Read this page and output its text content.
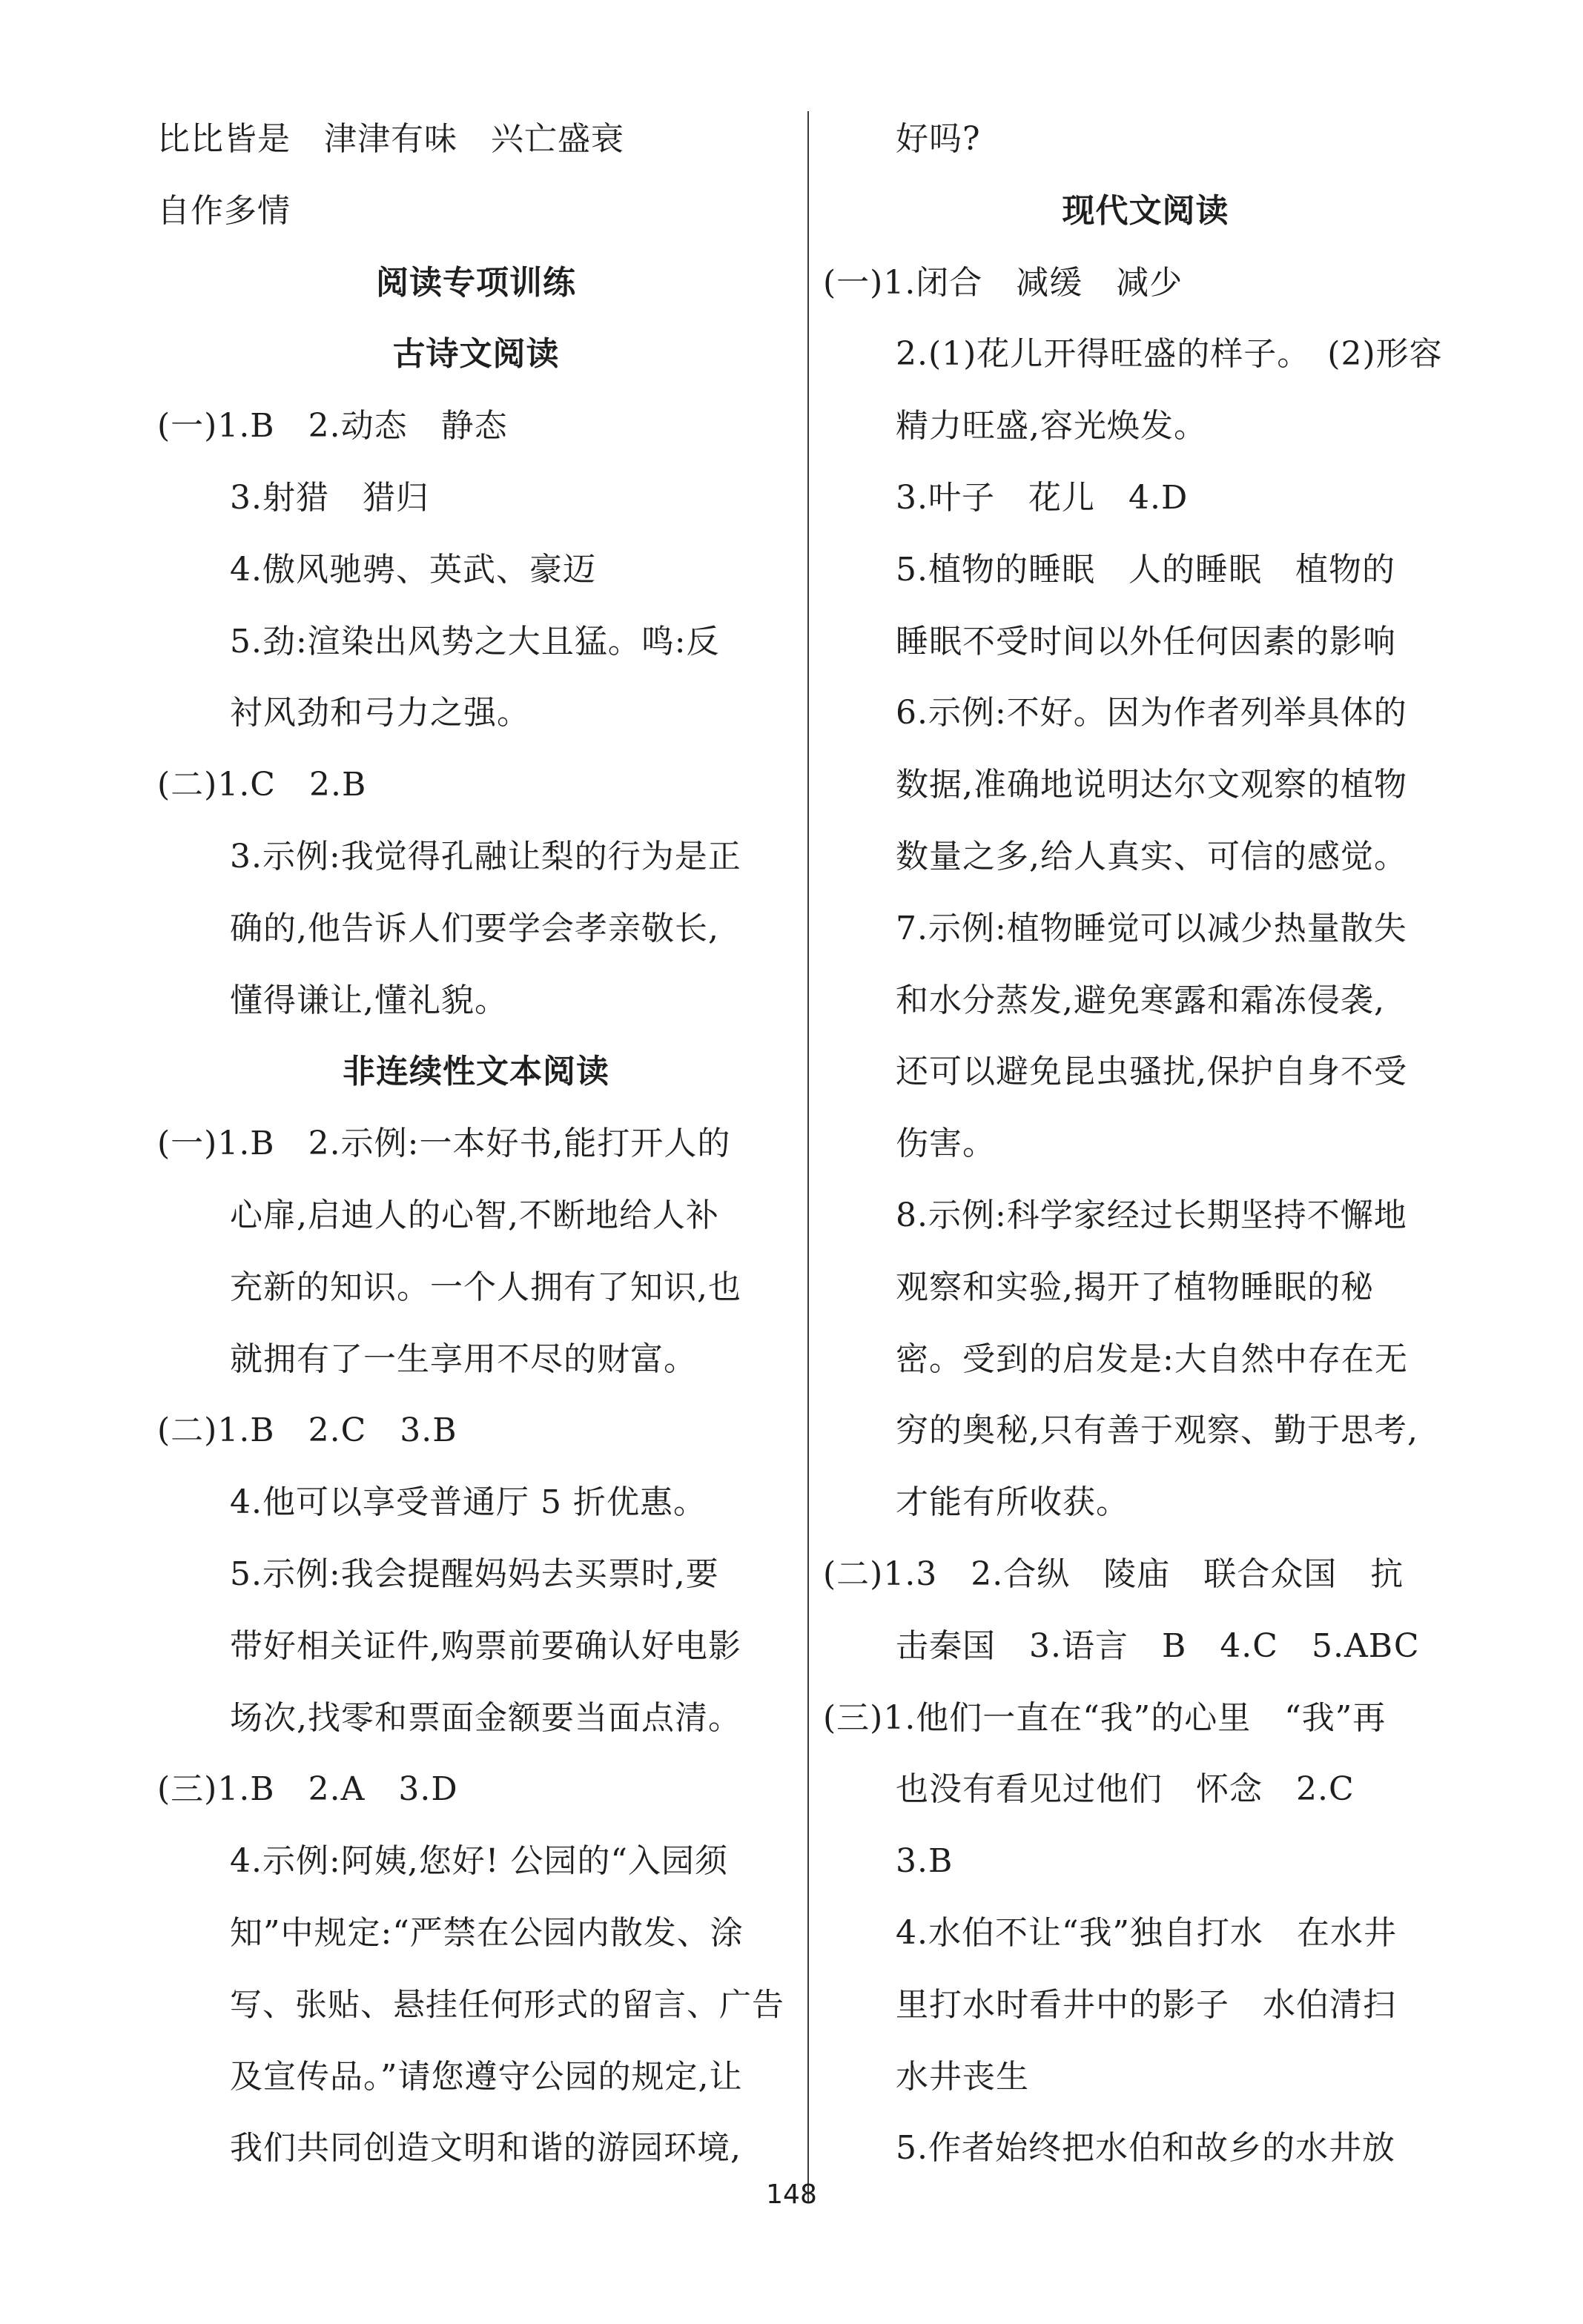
比比皆是　津津有味　兴亡盛衰
自作多情
阅读专项训练
古诗文阅读
(一)1.B　2.动态　静态
3.射猎　猎归
4.傲风驰骋、英武、豪迈
5.劲:渲染出风势之大且猛。鸣:反
衬风劲和弓力之强。
(二)1.C　2.B
3.示例:我觉得孔融让梨的行为是正
确的,他告诉人们要学会孝亲敬长,
懂得谦让,懂礼貌。
非连续性文本阅读
(一)1.B　2.示例:一本好书,能打开人的
心扉,启迪人的心智,不断地给人补
充新的知识。一个人拥有了知识,也
就拥有了一生享用不尽的财富。
(二)1.B　2.C　3.B
4.他可以享受普通厅 5 折优惠。
5.示例:我会提醒妈妈去买票时,要
带好相关证件,购票前要确认好电影
场次,找零和票面金额要当面点清。
(三)1.B　2.A　3.D
4.示例:阿姨,您好! 公园的“入园须
知”中规定:“严禁在公园内散发、涂
写、张贴、悬挂任何形式的留言、广告
及宣传品。”请您遵守公园的规定,让
我们共同创造文明和谐的游园环境,
好吗?
现代文阅读
(一)1.闭合　减缓　减少
2.(1)花儿开得旺盛的样子。　(2)形容
精力旺盛,容光焕发。
3.叶子　花儿　4.D
5.植物的睡眠　人的睡眠　植物的
睡眠不受时间以外任何因素的影响
6.示例:不好。因为作者列举具体的
数据,准确地说明达尔文观察的植物
数量之多,给人真实、可信的感觉。
7.示例:植物睡觉可以减少热量散失
和水分蒸发,避免寒露和霜冻侵袭,
还可以避免昆虫骚扰,保护自身不受
伤害。
8.示例:科学家经过长期坚持不懈地
观察和实验,揭开了植物睡眠的秘
密。受到的启发是:大自然中存在无
穷的奥秘,只有善于观察、勤于思考,
才能有所收获。
(二)1.3　2.合纵　陵庙　联合众国　抗
击秦国　3.语言　B　4.C　5.ABC
(三)1.他们一直在“我”的心里　“我”再
也没有看见过他们　怀念　2.C
3.B
4.水伯不让“我”独自打水　在水井
里打水时看井中的影子　水伯清扫
水井丧生
5.作者始终把水伯和故乡的水井放
148
